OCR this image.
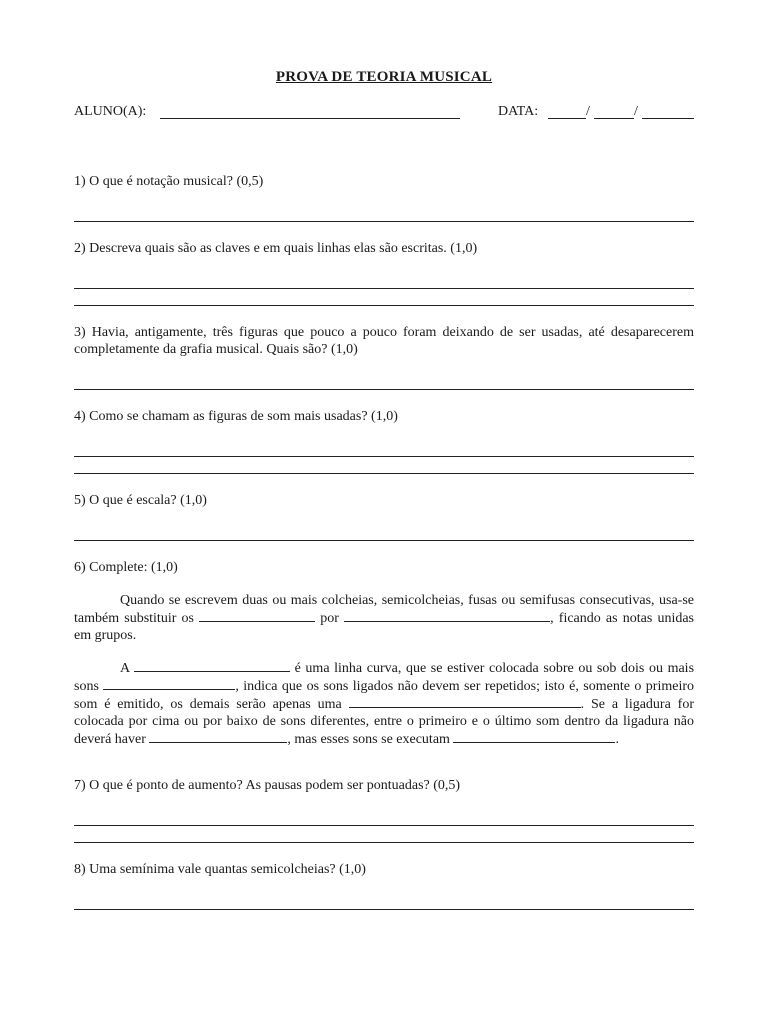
PROVA DE TEORIA MUSICAL
ALUNO(A):	DATA:	/	/
1) O que é notação musical? (0,5)
2) Descreva quais são as claves e em quais linhas elas são escritas. (1,0)
3) Havia, antigamente, três figuras que pouco a pouco foram deixando de ser usadas, até desaparecerem completamente da grafia musical. Quais são? (1,0)
4) Como se chamam as figuras de som mais usadas? (1,0)
5) O que é escala? (1,0)
6) Complete: (1,0)
Quando se escrevem duas ou mais colcheias, semicolcheias, fusas ou semifusas consecutivas, usa-se também substituir os	por	, ficando as notas unidas em grupos.
A	é uma linha curva, que se estiver colocada sobre ou sob dois ou mais sons	, indica que os sons ligados não devem ser repetidos; isto é, somente o primeiro som é emitido, os demais serão apenas uma	. Se a ligadura for colocada por cima ou por baixo de sons diferentes, entre o primeiro e o último som dentro da ligadura não deverá haver	, mas esses sons se executam	.
7) O que é ponto de aumento? As pausas podem ser pontuadas? (0,5)
8) Uma semínima vale quantas semicolcheias? (1,0)
